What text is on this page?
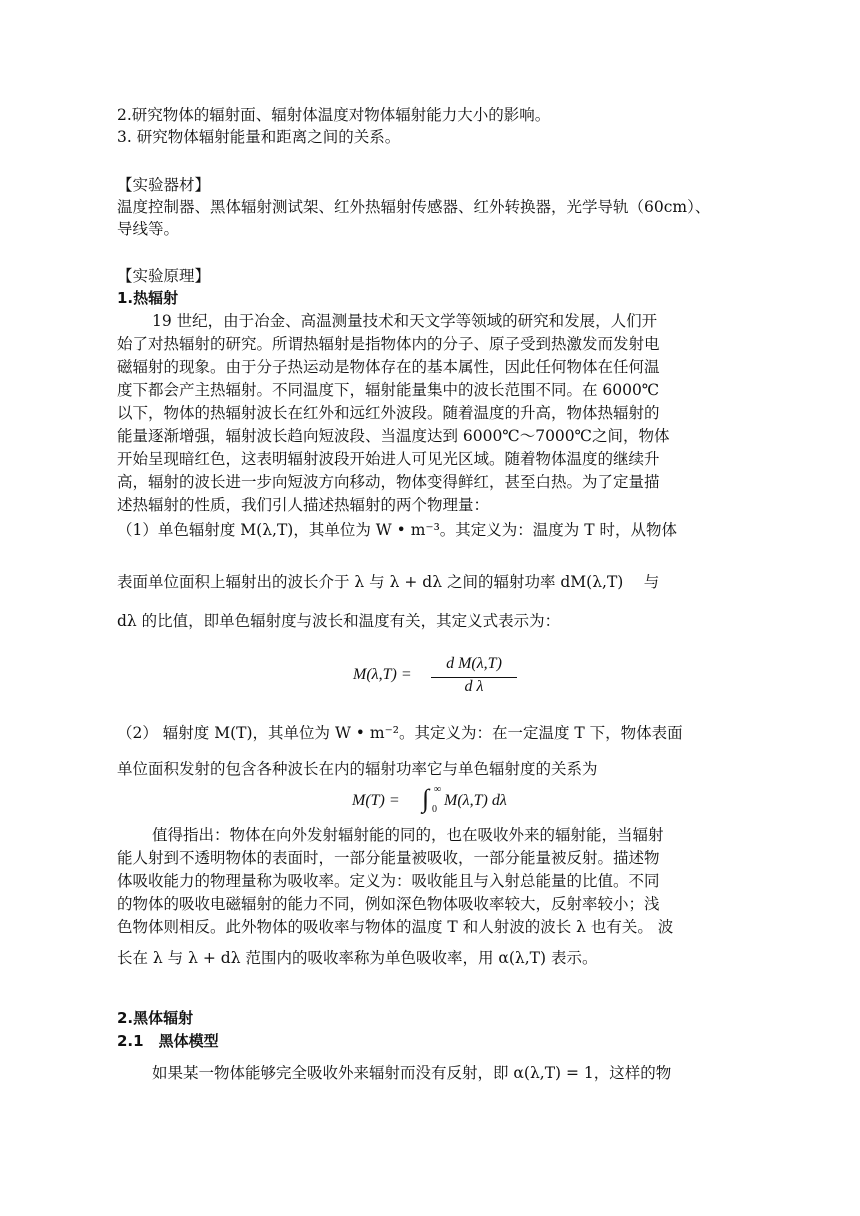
2.研究物体的辐射面、辐射体温度对物体辐射能力大小的影响。
3. 研究物体辐射能量和距离之间的关系。
【实验器材】
温度控制器、黑体辐射测试架、红外热辐射传感器、红外转换器，光学导轨（60cm）、
导线等。
【实验原理】
1.热辐射
19 世纪，由于冶金、高温测量技术和天文学等领域的研究和发展，人们开
始了对热辐射的研究。所谓热辐射是指物体内的分子、原子受到热激发而发射电
磁辐射的现象。由于分子热运动是物体存在的基本属性，因此任何物体在任何温
度下都会产主热辐射。不同温度下，辐射能量集中的波长范围不同。在 6000℃
以下，物体的热辐射波长在红外和远红外波段。随着温度的升高，物体热辐射的
能量逐渐增强，辐射波长趋向短波段、当温度达到 6000℃～7000℃之间，物体
开始呈现暗红色，这表明辐射波段开始进人可见光区域。随着物体温度的继续升
高，辐射的波长进一步向短波方向移动，物体变得鲜红，甚至白热。为了定量描
述热辐射的性质，我们引人描述热辐射的两个物理量：
（1）单色辐射度 M(λ,T)，其单位为 W • m⁻³。其定义为：温度为 T 时，从物体
表面单位面积上辐射出的波长介于 λ 与 λ + dλ 之间的辐射功率 dM(λ,T)　 与
dλ 的比值，即单色辐射度与波长和温度有关，其定义式表示为：
M(λ,T) =
d M(λ,T)
d λ
（2） 辐射度 M(T)，其单位为 W • m⁻²。其定义为：在一定温度 T 下，物体表面
单位面积发射的包含各种波长在内的辐射功率它与单色辐射度的关系为
M(T) = ∫ ∞
0
M(λ,T) dλ
值得指出：物体在向外发射辐射能的同的，也在吸收外来的辐射能，当辐射
能人射到不透明物体的表面时，一部分能量被吸收，一部分能量被反射。描述物
体吸收能力的物理量称为吸收率。定义为：吸收能且与入射总能量的比值。不同
的物体的吸收电磁辐射的能力不同，例如深色物体吸收率较大，反射率较小；浅
色物体则相反。此外物体的吸收率与物体的温度 T 和人射波的波长 λ 也有关。 波
长在 λ 与 λ + dλ 范围内的吸收率称为单色吸收率，用 α(λ,T) 表示。
2.黑体辐射
2.1　黑体模型
如果某一物体能够完全吸收外来辐射而没有反射，即 α(λ,T) = 1，这样的物
